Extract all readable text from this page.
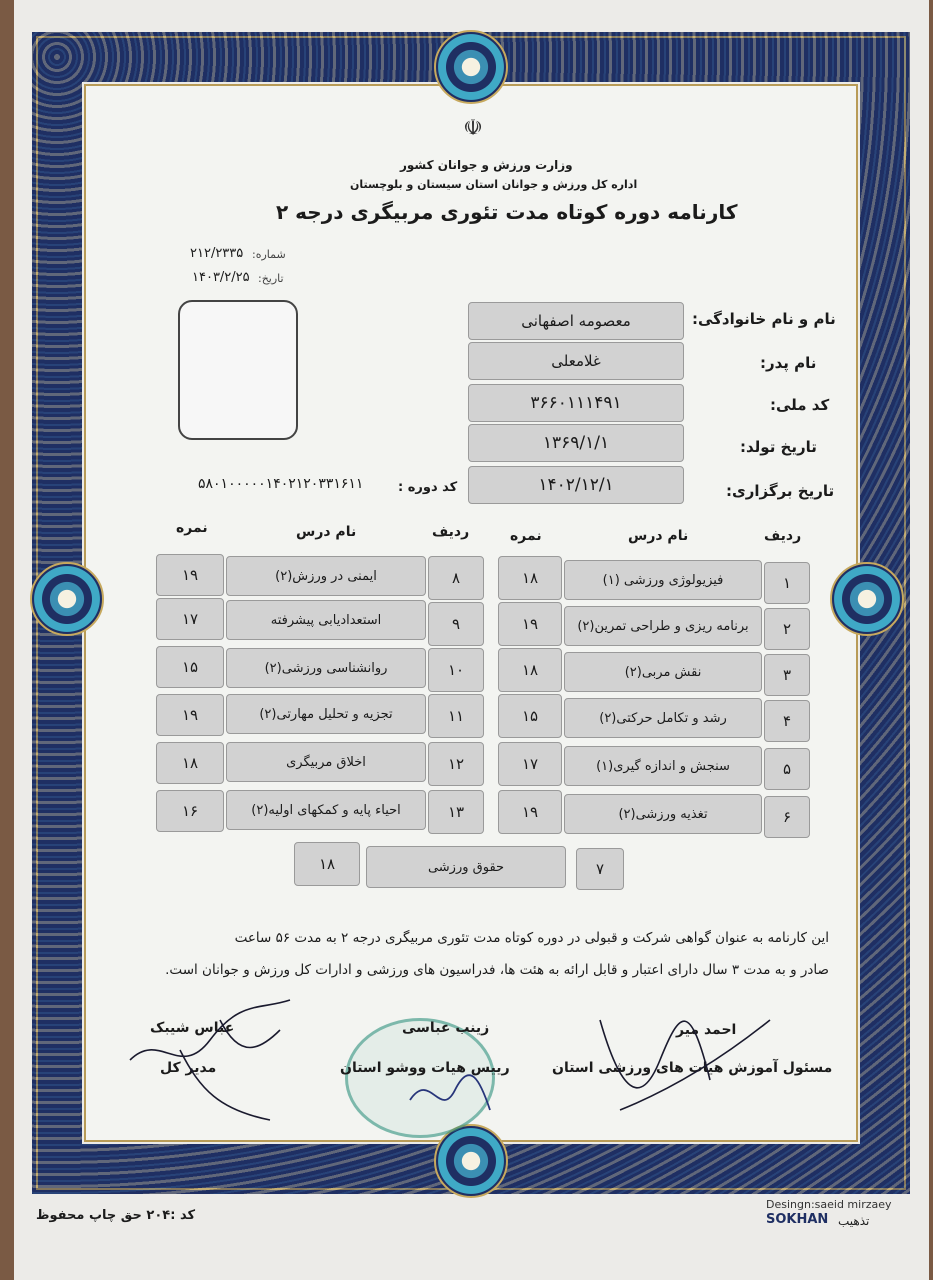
☫
وزارت ورزش و جوانان کشور
اداره کل ورزش و جوانان استان سیستان و بلوچستان
کارنامه دوره کوتاه مدت تئوری مربیگری درجه ۲
شماره:
۲۱۲/۲۳۳۵
تاریخ:
۱۴۰۳/۲/۲۵
نام و نام خانوادگی:
معصومه اصفهانی
نام پدر:
غلامعلی
کد ملی:
۳۶۶۰۱۱۱۴۹۱
تاریخ تولد:
۱۳۶۹/۱/۱
تاریخ برگزاری:
۱۴۰۲/۱۲/۱
کد دوره :
۵۸۰۱۰۰۰۰۰۱۴۰۲۱۲۰۳۳۱۶۱۱
ردیف
نام درس
نمره
ردیف
نام درس
نمره
۱
فیزیولوژی ورزشی (۱)
۱۸
۲
برنامه ریزی و طراحی تمرین(۲)
۱۹
۳
نقش مربی(۲)
۱۸
۴
رشد و تکامل حرکتی(۲)
۱۵
۵
سنجش و اندازه گیری(۱)
۱۷
۶
تغذیه ورزشی(۲)
۱۹
۸
ایمنی در ورزش(۲)
۱۹
۹
استعدادیابی پیشرفته
۱۷
۱۰
روانشناسی ورزشی(۲)
۱۵
۱۱
تجزیه و تحلیل مهارتی(۲)
۱۹
۱۲
اخلاق مربیگری
۱۸
۱۳
احیاء پایه و کمکهای اولیه(۲)
۱۶
۷
حقوق ورزشی
۱۸
این کارنامه به عنوان گواهی شرکت و قبولی در دوره کوتاه مدت تئوری مربیگری درجه ۲ به مدت ۵۶ ساعت
صادر و به مدت ۳ سال دارای اعتبار و قابل ارائه به هئت ها، فدراسیون های ورزشی و ادارات کل ورزش و جوانان است.
احمد میر
مسئول آموزش هیات های ورزشی استان
زینب عباسی
رییس هیات ووشو استان
عباس شیبک
مدیر کل
کد :۲۰۴ حق چاپ محفوظ
Desingn:saeid mirzaey
SOKHAN تذهیب
